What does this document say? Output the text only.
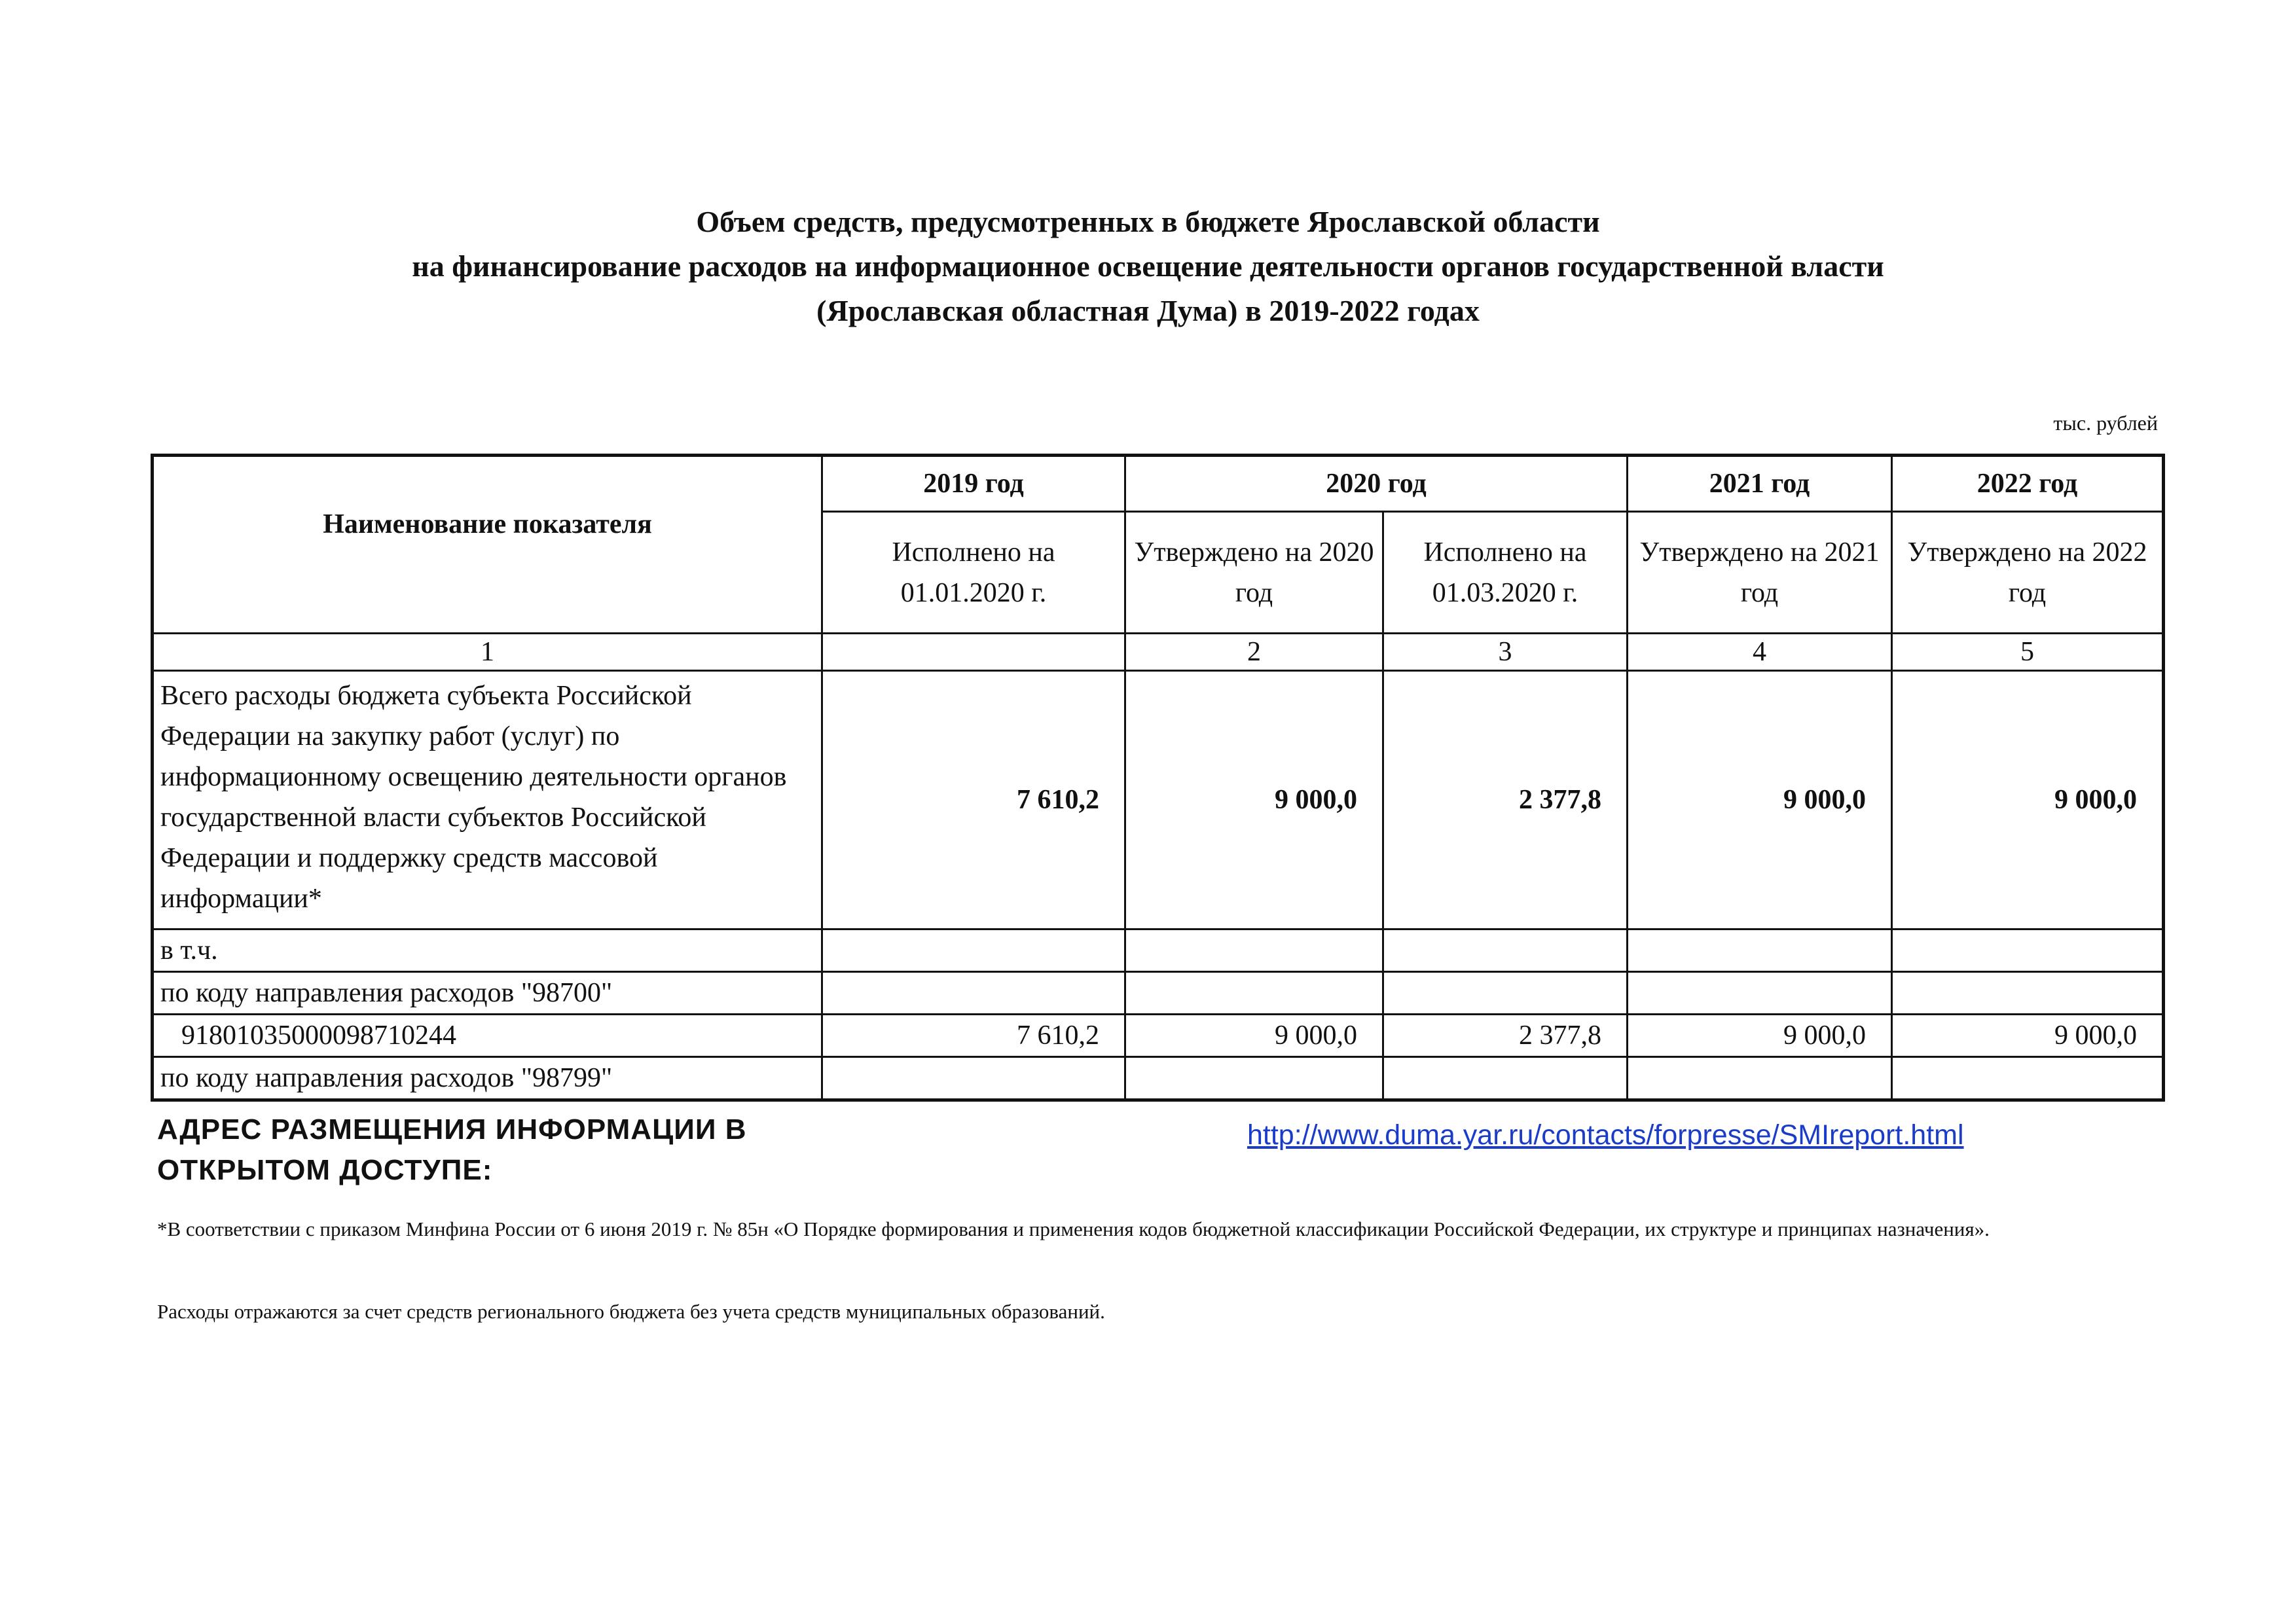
Объем средств, предусмотренных в бюджете Ярославской области
на финансирование расходов на информационное освещение деятельности органов государственной власти
(Ярославская областная Дума) в 2019-2022 годах
тыс. рублей
Наименование показателя	2019 год	2020 год		2021 год	2022 год
	Исполнено на 01.01.2020 г.	Утверждено на 2020 год	Исполнено на 01.03.2020 г.	Утверждено на 2021 год	Утверждено на 2022 год
1		2	3	4	5
Всего расходы бюджета субъекта Российской Федерации на закупку работ (услуг) по информационному освещению деятельности органов государственной власти субъектов Российской Федерации и поддержку средств массовой информации*	7 610,2	9 000,0	2 377,8	9 000,0	9 000,0
в т.ч.					
по коду направления расходов "98700"					
91801035000098710244	7 610,2	9 000,0	2 377,8	9 000,0	9 000,0
по коду направления расходов "98799"					
АДРЕС РАЗМЕЩЕНИЯ ИНФОРМАЦИИ В
ОТКРЫТОМ ДОСТУПЕ:
http://www.duma.yar.ru/contacts/forpresse/SMIreport.html
*В соответствии с приказом Минфина России от 6 июня 2019 г. № 85н «О Порядке формирования и применения кодов бюджетной классификации Российской Федерации, их структуре и принципах назначения».
Расходы отражаются за счет средств регионального бюджета без учета средств муниципальных образований.
